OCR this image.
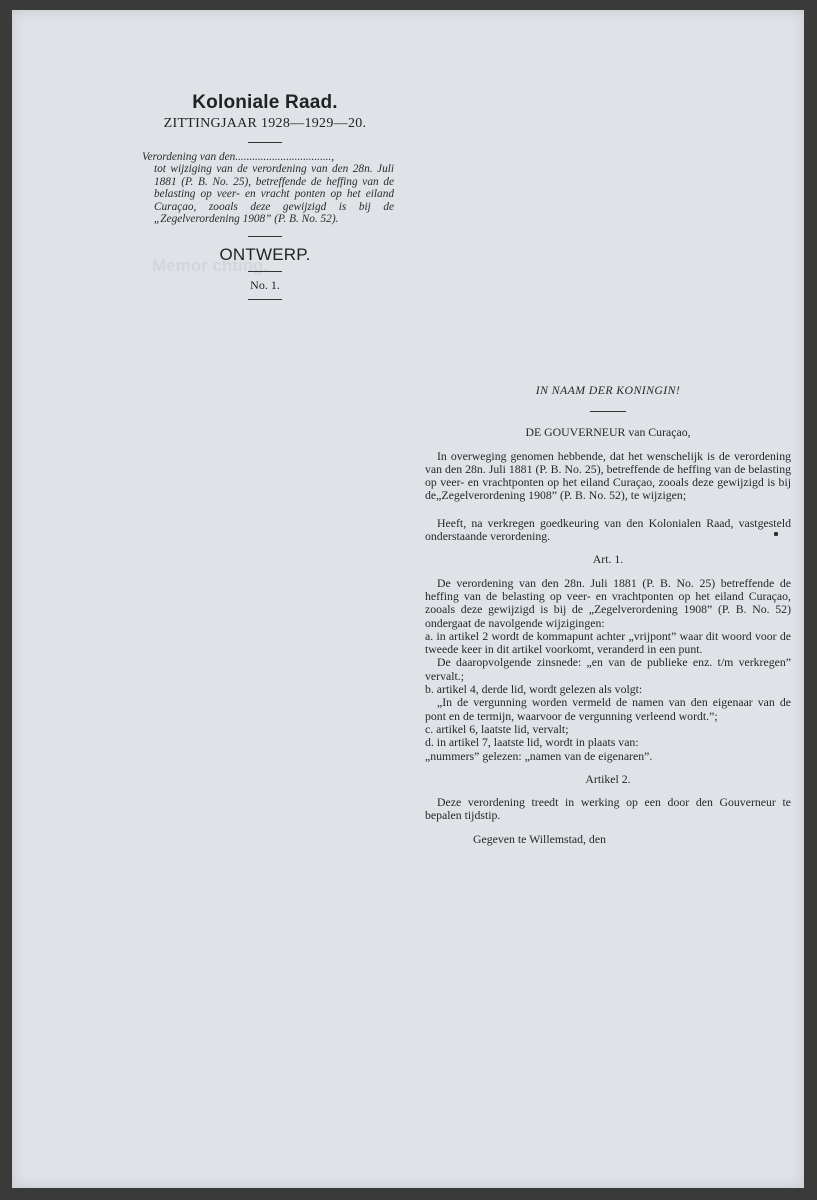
Memor chting.

Koloniale Raad.

ZITTINGJAAR 1928—1929—20.

Verordening van den..................................,
tot wijziging van de verordening van den 28n. Juli 1881 (P. B. No. 25), betreffende de heffing van de belasting op veer- en vracht ponten op het eiland Curaçao, zooals deze gewijzigd is bij de „Zegelverordening 1908” (P. B. No. 52).

ONTWERP.

No. 1.

IN NAAM DER KONINGIN!

DE GOUVERNEUR van Curaçao,

In overweging genomen hebbende, dat het wenschelijk is de verordening van den 28n. Juli 1881 (P. B. No. 25), betreffende de heffing van de belasting op veer- en vrachtponten op het eiland Curaçao, zooals deze gewijzigd is bij de„Zegelverordening 1908” (P. B. No. 52), te wijzigen;

Heeft, na verkregen goedkeuring van den Kolonialen Raad, vastgesteld onderstaande verordening.

Art. 1.

De verordening van den 28n. Juli 1881 (P. B. No. 25) betreffende de heffing van de belasting op veer- en vrachtponten op het eiland Curaçao, zooals deze gewijzigd is bij de „Zegelverordening 1908” (P. B. No. 52) ondergaat de navolgende wijzigingen:

a. in artikel 2 wordt de kommapunt achter „vrijpont” waar dit woord voor de tweede keer in dit artikel voorkomt, veranderd in een punt.

De daaropvolgende zinsnede: „en van de publieke enz. t/m verkregen” vervalt.;

b. artikel 4, derde lid, wordt gelezen als volgt:

„In de vergunning worden vermeld de namen van den eigenaar van de pont en de termijn, waarvoor de vergunning verleend wordt.”;

c. artikel 6, laatste lid, vervalt;

d. in artikel 7, laatste lid, wordt in plaats van:

„nummers” gelezen: „namen van de eigenaren”.

Artikel 2.

Deze verordening treedt in werking op een door den Gouverneur te bepalen tijdstip.

Gegeven te Willemstad, den
